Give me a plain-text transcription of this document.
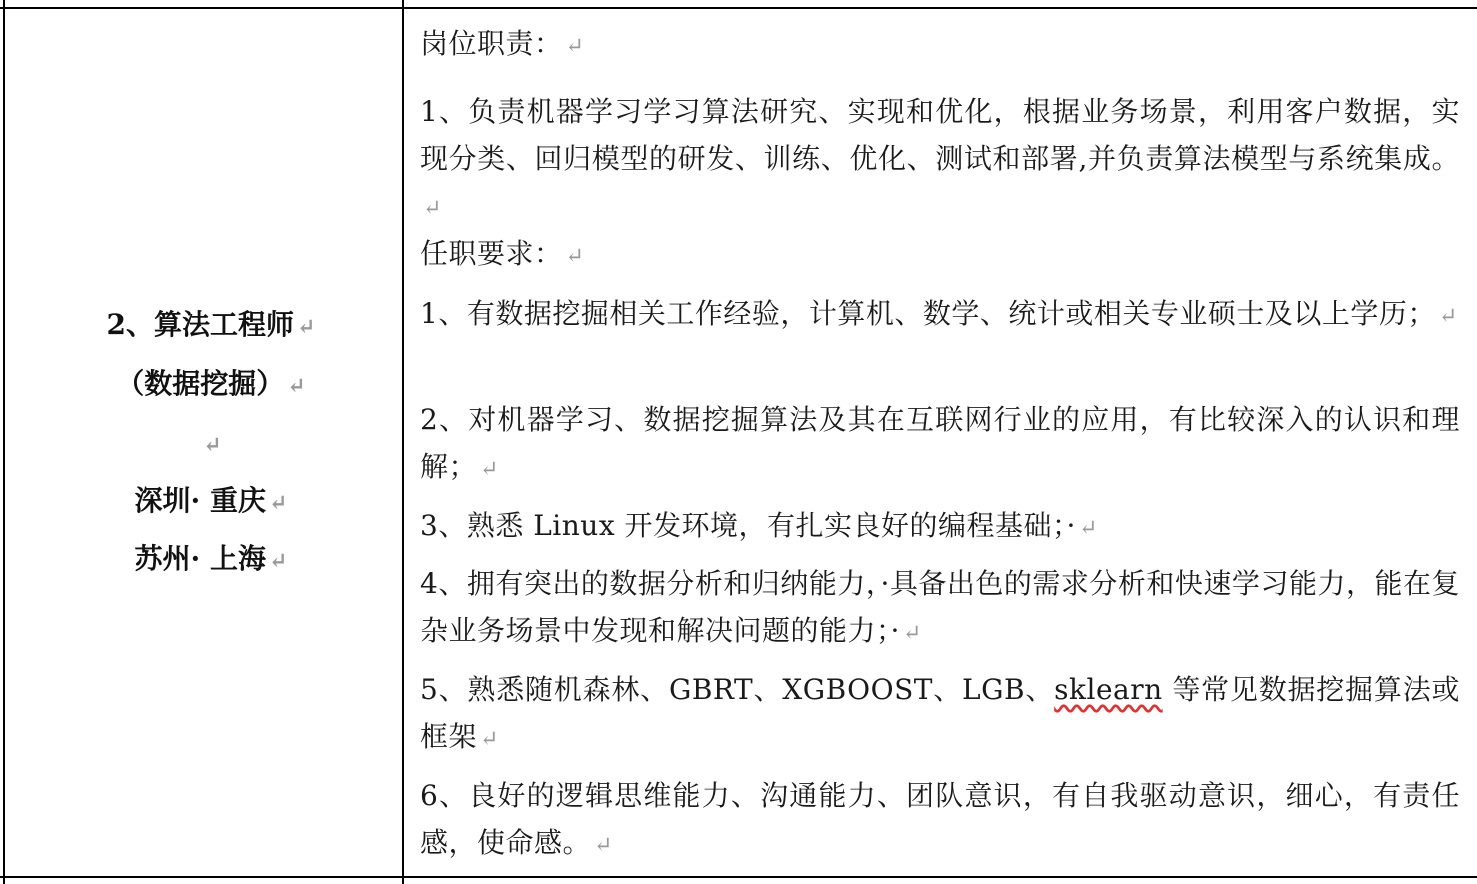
2、算法工程师 ↵
（数据挖掘） ↵
↵
深圳· 重庆 ↵
苏州· 上海 ↵
岗位职责： ↵
1、负责机器学习学习算法研究、实现和优化，根据业务场景，利用客户数据，实现分类、回归模型的研发、训练、优化、测试和部署,并负责算法模型与系统集成。↵
任职要求： ↵
1、有数据挖掘相关工作经验，计算机、数学、统计或相关专业硕士及以上学历； ↵
2、对机器学习、数据挖掘算法及其在互联网行业的应用，有比较深入的认识和理解； ↵
3、熟悉 Linux 开发环境，有扎实良好的编程基础；· ↵
4、拥有突出的数据分析和归纳能力，·具备出色的需求分析和快速学习能力，能在复杂业务场景中发现和解决问题的能力；· ↵
5、熟悉随机森林、GBRT、XGBOOST、LGB、sklearn 等常见数据挖掘算法或框架 ↵
6、良好的逻辑思维能力、沟通能力、团队意识，有自我驱动意识，细心，有责任感，使命感。 ↵
